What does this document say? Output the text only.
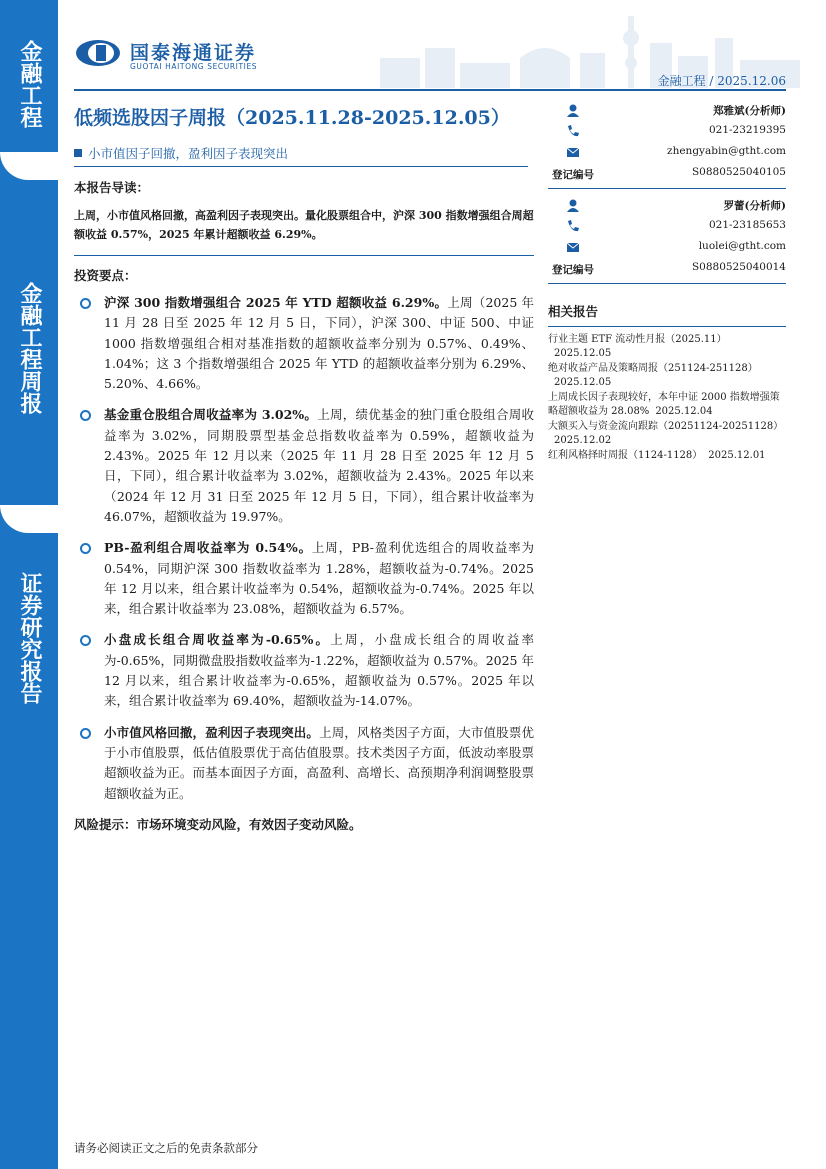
金融工程
金融工程周报
证券研究报告
国泰海通证券
GUOTAI HAITONG SECURITIES
金融工程 / 2025.12.06
低频选股因子周报（2025.11.28-2025.12.05）
小市值因子回撤，盈利因子表现突出

本报告导读：

上周，小市值风格回撤，高盈利因子表现突出。量化股票组合中，沪深 300 指数增强组合周超额收益 0.57%，2025 年累计超额收益 6.29%。

投资要点：

沪深 300 指数增强组合 2025 年 YTD 超额收益 6.29%。上周（2025 年 11 月 28 日至 2025 年 12 月 5 日，下同），沪深 300、中证 500、中证 1000 指数增强组合相对基准指数的超额收益率分别为 0.57%、0.49%、1.04%；这 3 个指数增强组合 2025 年 YTD 的超额收益率分别为 6.29%、5.20%、4.66%。
基金重仓股组合周收益率为 3.02%。上周，绩优基金的独门重仓股组合周收益率为 3.02%，同期股票型基金总指数收益率为 0.59%，超额收益为 2.43%。2025 年 12 月以来（2025 年 11 月 28 日至 2025 年 12 月 5 日，下同），组合累计收益率为 3.02%，超额收益为 2.43%。2025 年以来（2024 年 12 月 31 日至 2025 年 12 月 5 日，下同），组合累计收益率为 46.07%，超额收益为 19.97%。
PB-盈利组合周收益率为 0.54%。上周，PB-盈利优选组合的周收益率为 0.54%，同期沪深 300 指数收益率为 1.28%，超额收益为-0.74%。2025 年 12 月以来，组合累计收益率为 0.54%，超额收益为-0.74%。2025 年以来，组合累计收益率为 23.08%，超额收益为 6.57%。
小盘成长组合周收益率为-0.65%。上周，小盘成长组合的周收益率为-0.65%，同期微盘股指数收益率为-1.22%，超额收益为 0.57%。2025 年 12 月以来，组合累计收益率为-0.65%，超额收益为 0.57%。2025 年以来，组合累计收益率为 69.40%，超额收益为-14.07%。
小市值风格回撤，盈利因子表现突出。上周，风格类因子方面，大市值股票优于小市值股票，低估值股票优于高估值股票。技术类因子方面，低波动率股票超额收益为正。而基本面因子方面，高盈利、高增长、高预期净利润调整股票超额收益为正。

风险提示：市场环境变动风险，有效因子变动风险。

郑雅斌(分析师)
021-23219395
zhengyabin@gtht.com
登记编号	S0880525040105
罗蕾(分析师)
021-23185653
luolei@gtht.com
登记编号	S0880525040014
相关报告
行业主题 ETF 流动性月报（2025.11）2025.12.05
绝对收益产品及策略周报（251124-251128）2025.12.05
上周成长因子表现较好，本年中证 2000 指数增强策略超额收益为 28.08% 2025.12.04
大额买入与资金流向跟踪（20251124-20251128）2025.12.02
红利风格择时周报（1124-1128） 2025.12.01
请务必阅读正文之后的免责条款部分
